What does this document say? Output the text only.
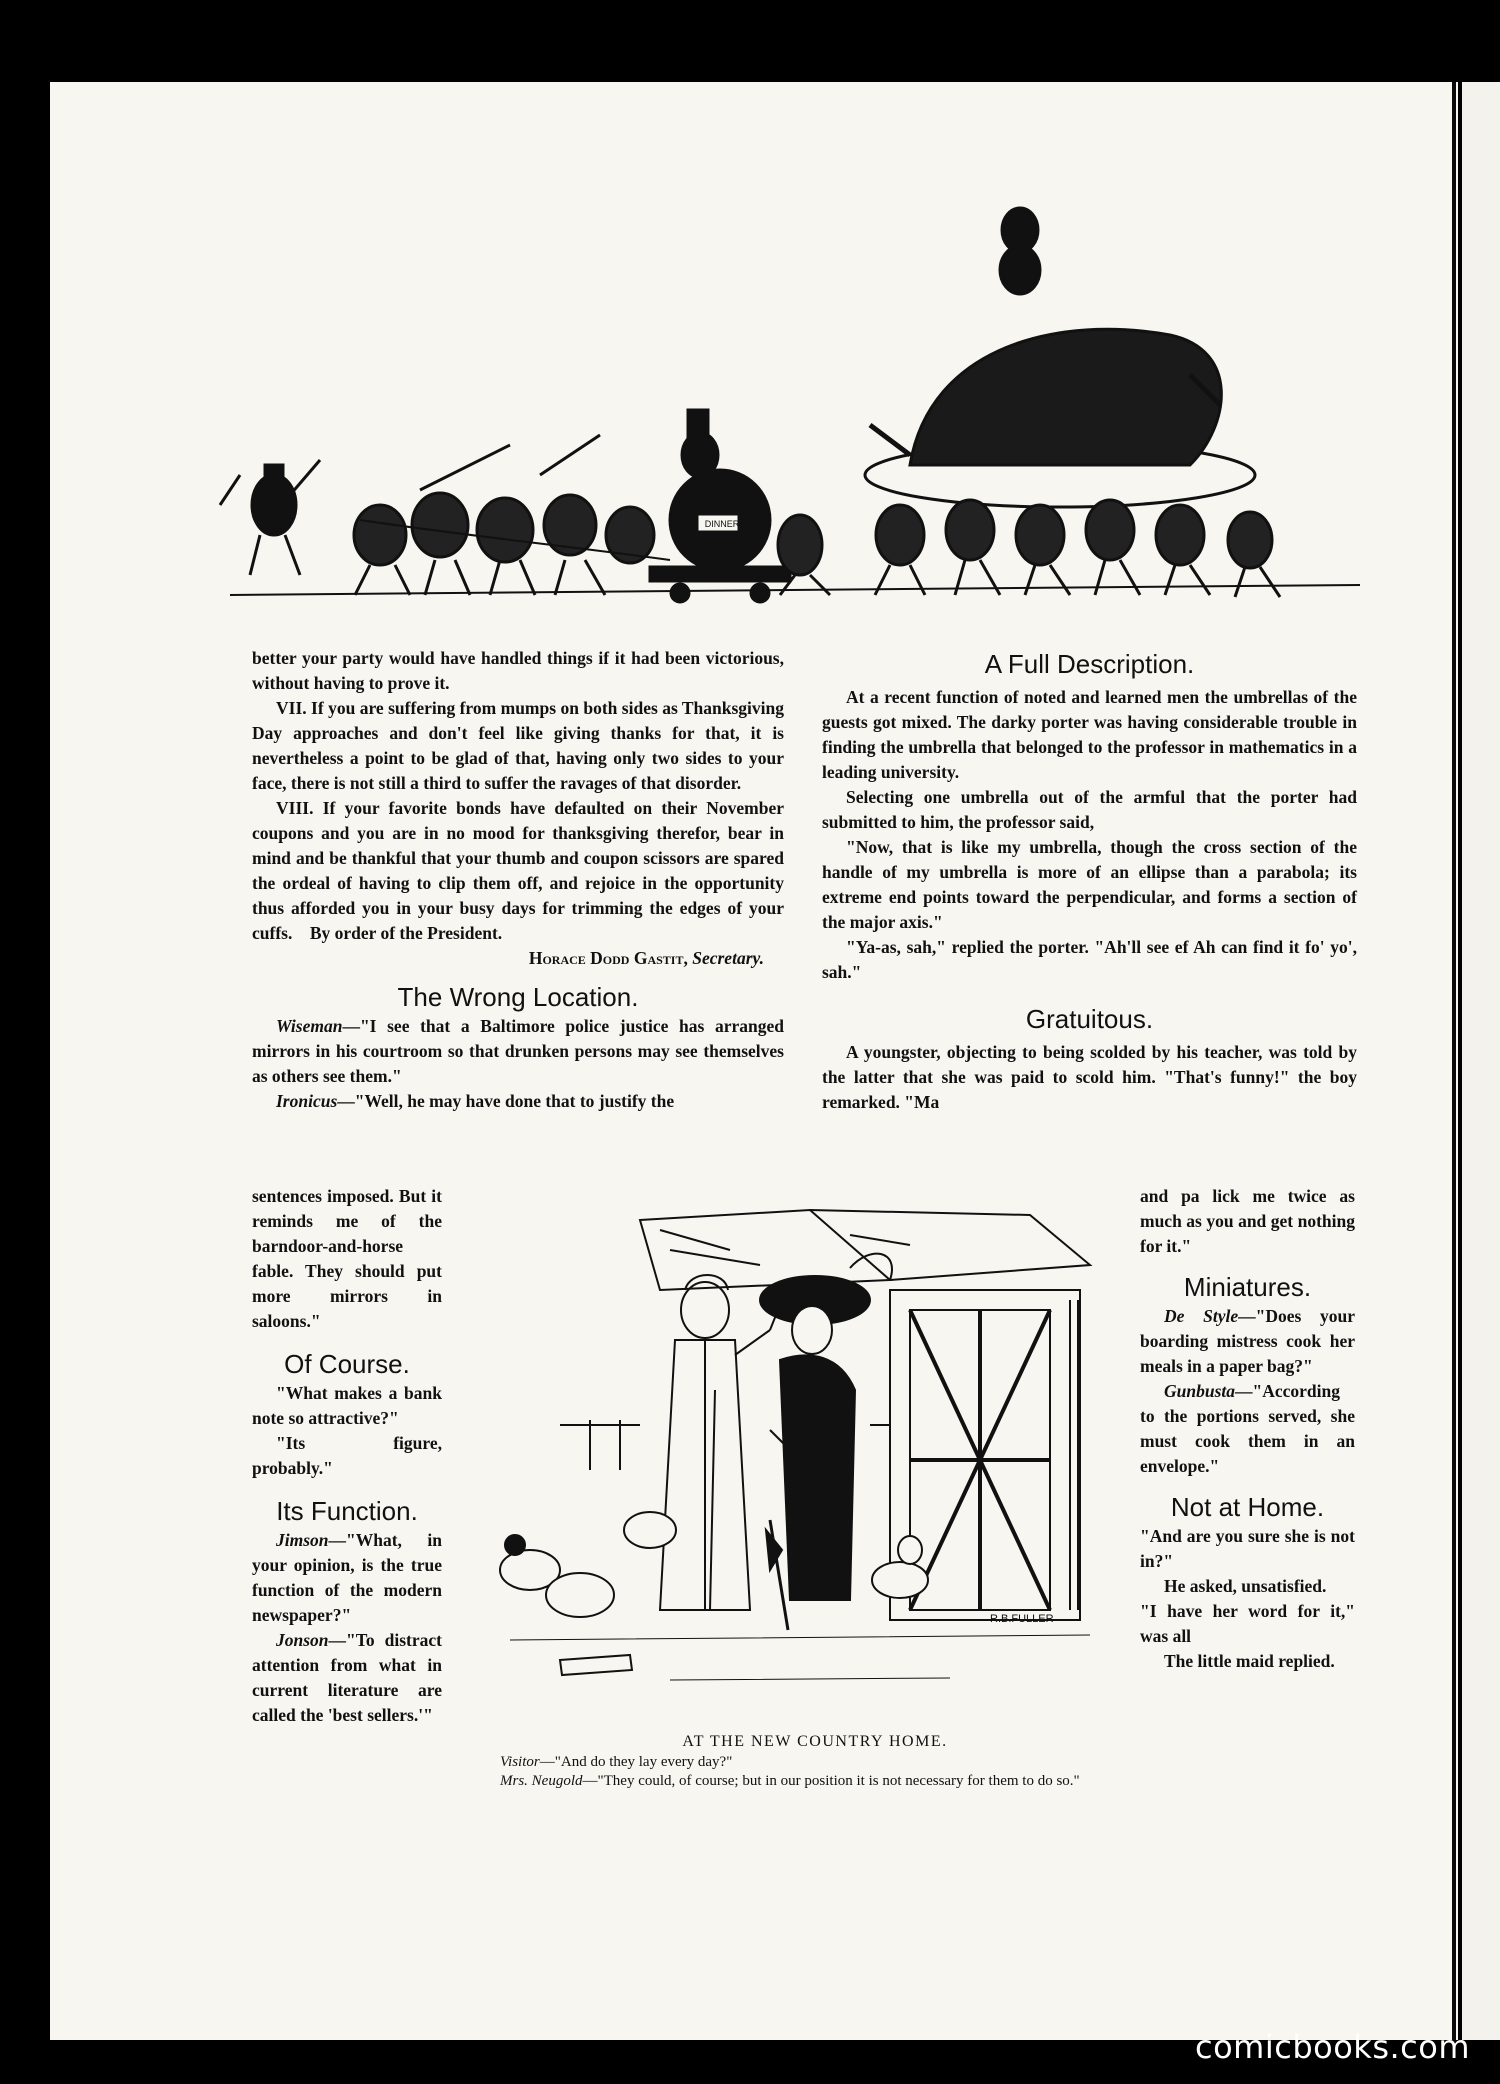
DINNER

better your party would have handled things if it had been victorious, without having to prove it.

VII. If you are suffering from mumps on both sides as Thanksgiving Day approaches and don't feel like giving thanks for that, it is nevertheless a point to be glad of that, having only two sides to your face, there is not still a third to suffer the ravages of that disorder.

VIII. If your favorite bonds have defaulted on their November coupons and you are in no mood for thanksgiving therefor, bear in mind and be thankful that your thumb and coupon scissors are spared the ordeal of having to clip them off, and rejoice in the opportunity thus afforded you in your busy days for trimming the edges of your cuffs. By order of the President.

Horace Dodd Gastit, Secretary.
The Wrong Location.

Wiseman—"I see that a Baltimore police justice has arranged mirrors in his courtroom so that drunken persons may see themselves as others see them."

Ironicus—"Well, he may have done that to justify the

sentences imposed. But it reminds me of the barndoor-and-horse fable. They should put more mirrors in saloons."

Of Course.

"What makes a bank note so attractive?"

"Its figure, probably."

Its Function.

Jimson—"What, in your opinion, is the true function of the modern newspaper?"

Jonson—"To distract attention from what in current literature are called the 'best sellers.'"

A Full Description.

At a recent function of noted and learned men the umbrellas of the guests got mixed. The darky porter was having considerable trouble in finding the umbrella that belonged to the professor in mathematics in a leading university.

Selecting one umbrella out of the armful that the porter had submitted to him, the professor said,

"Now, that is like my umbrella, though the cross section of the handle of my umbrella is more of an ellipse than a parabola; its extreme end points toward the perpendicular, and forms a section of the major axis."

"Ya-as, sah," replied the porter. "Ah'll see ef Ah can find it fo' yo', sah."

Gratuitous.

A youngster, objecting to being scolded by his teacher, was told by the latter that she was paid to scold him. "That's funny!" the boy remarked. "Ma

and pa lick me twice as much as you and get nothing for it."

Miniatures.

De Style—"Does your boarding mistress cook her meals in a paper bag?"

Gunbusta—"According to the portions served, she must cook them in an envelope."

Not at Home.

"And are you sure she is not in?"

He asked, unsatisfied.

"I have her word for it," was all

The little maid replied.

R.B.FULLER
AT THE NEW COUNTRY HOME.

Visitor—"And do they lay every day?"

Mrs. Neugold—"They could, of course; but in our position it is not necessary for them to do so."

comicbooks.com
